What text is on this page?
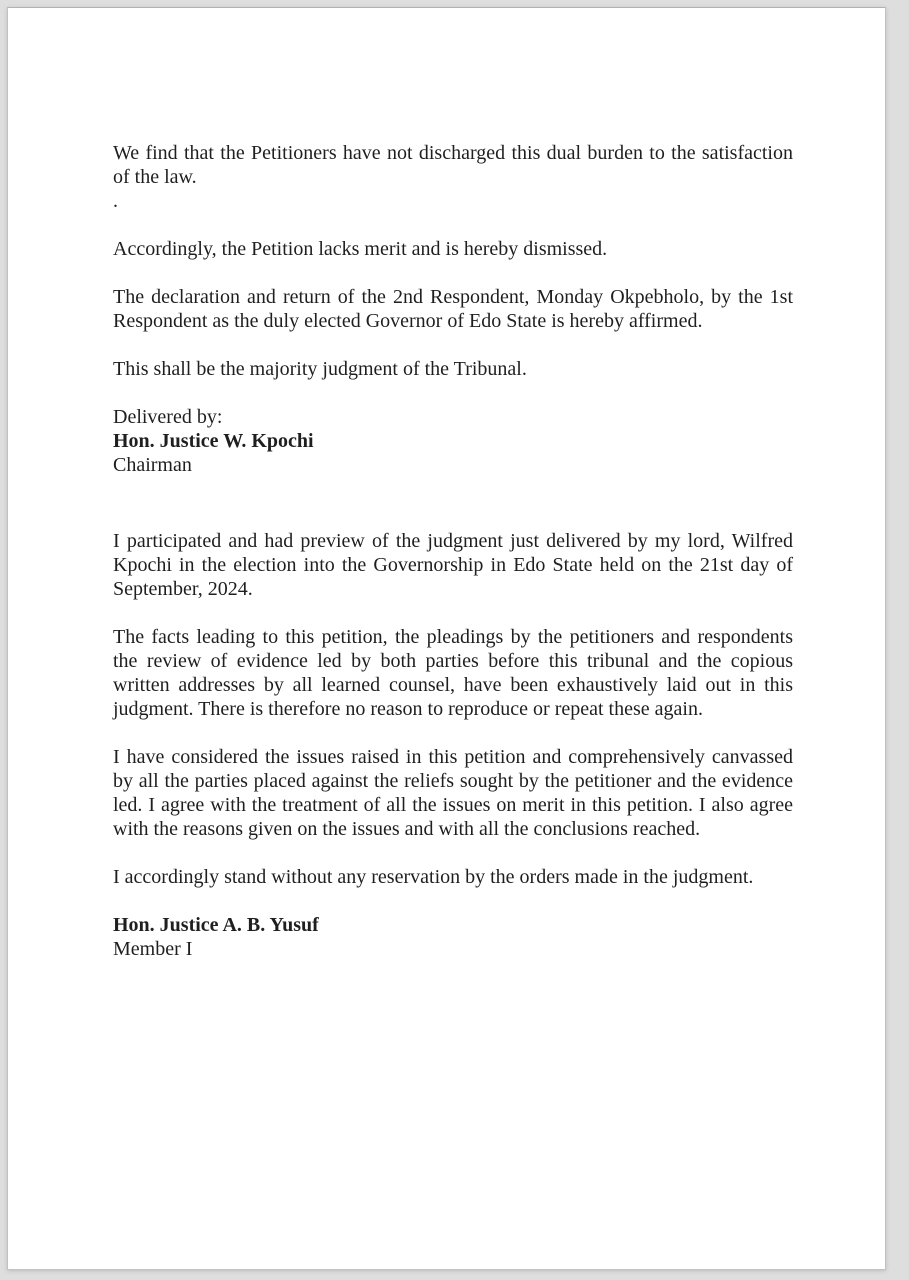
We find that the Petitioners have not discharged this dual burden to the satisfaction of the law.

.

Accordingly, the Petition lacks merit and is hereby dismissed.

The declaration and return of the 2nd Respondent, Monday Okpebholo, by the 1st Respondent as the duly elected Governor of Edo State is hereby affirmed.

This shall be the majority judgment of the Tribunal.

Delivered by:

Hon. Justice W. Kpochi

Chairman

I participated and had preview of the judgment just delivered by my lord, Wilfred Kpochi in the election into the Governorship in Edo State held on the 21st day of September, 2024.

The facts leading to this petition, the pleadings by the petitioners and respondents the review of evidence led by both parties before this tribunal and the copious written addresses by all learned counsel, have been exhaustively laid out in this judgment. There is therefore no reason to reproduce or repeat these again.

I have considered the issues raised in this petition and comprehensively canvassed by all the parties placed against the reliefs sought by the petitioner and the evidence led. I agree with the treatment of all the issues on merit in this petition. I also agree with the reasons given on the issues and with all the conclusions reached.

I accordingly stand without any reservation by the orders made in the judgment.

Hon. Justice A. B. Yusuf

Member I
